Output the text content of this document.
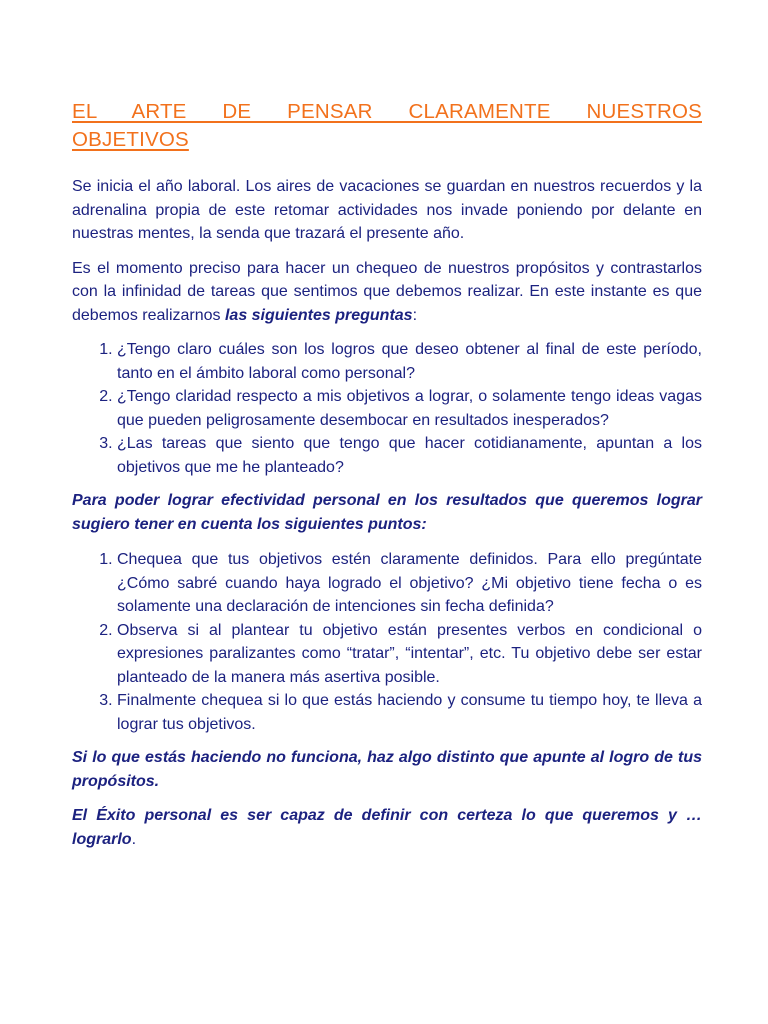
EL ARTE DE PENSAR CLARAMENTE NUESTROS
OBJETIVOS

Se inicia el año laboral. Los aires de vacaciones se guardan en nuestros recuerdos y la adrenalina propia de este retomar actividades nos invade poniendo por delante en nuestras mentes, la senda que trazará el presente año.

Es el momento preciso para hacer un chequeo de nuestros propósitos y contrastarlos con la infinidad de tareas que sentimos que debemos realizar. En este instante es que debemos realizarnos las siguientes preguntas:

1. ¿Tengo claro cuáles son los logros que deseo obtener al final de este período, tanto en el ámbito laboral como personal?
2. ¿Tengo claridad respecto a mis objetivos a lograr, o solamente tengo ideas vagas que pueden peligrosamente desembocar en resultados inesperados?
3. ¿Las tareas que siento que tengo que hacer cotidianamente, apuntan a los objetivos que me he planteado?

Para poder lograr efectividad personal en los resultados que queremos lograr sugiero tener en cuenta los siguientes puntos:

1. Chequea que tus objetivos estén claramente definidos. Para ello pregúntate ¿Cómo sabré cuando haya logrado el objetivo? ¿Mi objetivo tiene fecha o es solamente una declaración de intenciones sin fecha definida?
2. Observa si al plantear tu objetivo están presentes verbos en condicional o expresiones paralizantes como “tratar”, “intentar”, etc. Tu objetivo debe ser estar planteado de la manera más asertiva posible.
3. Finalmente chequea si lo que estás haciendo y consume tu tiempo hoy, te lleva a lograr tus objetivos.

Si lo que estás haciendo no funciona, haz algo distinto que apunte al logro de tus propósitos.

El Éxito personal es ser capaz de definir con certeza lo que queremos y … lograrlo.
